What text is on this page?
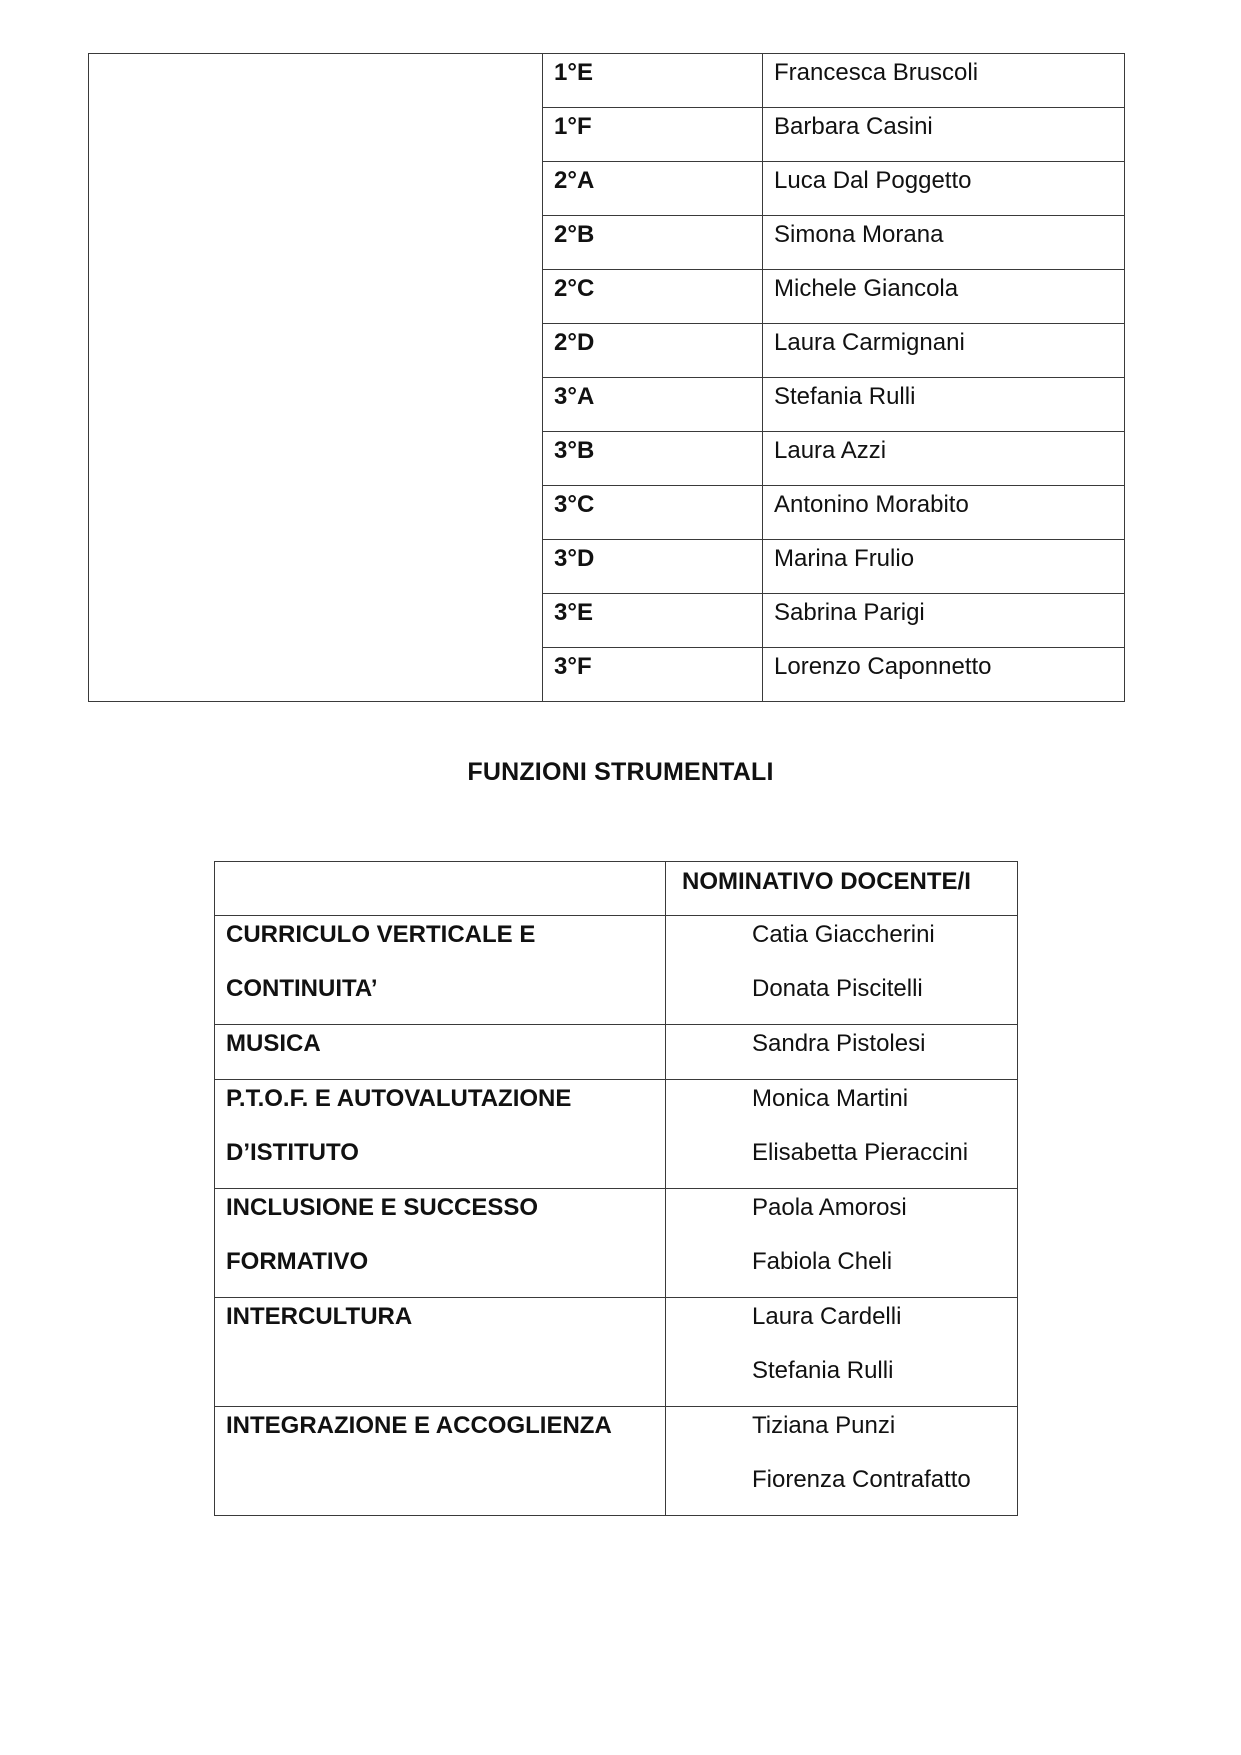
	1°E	Francesca Bruscoli
	1°F	Barbara Casini
	2°A	Luca Dal Poggetto
	2°B	Simona Morana
	2°C	Michele Giancola
	2°D	Laura Carmignani
	3°A	Stefania Rulli
	3°B	Laura Azzi
	3°C	Antonino Morabito
	3°D	Marina Frulio
	3°E	Sabrina Parigi
	3°F	Lorenzo Caponnetto
FUNZIONI STRUMENTALI
	NOMINATIVO DOCENTE/I

CURRICULO VERTICALE E
CONTINUITA’	Catia Giaccherini
Donata Piscitelli

MUSICA	Sandra Pistolesi

P.T.O.F. E AUTOVALUTAZIONE
D’ISTITUTO	Monica Martini
Elisabetta Pieraccini

INCLUSIONE E SUCCESSO
FORMATIVO	Paola Amorosi
Fabiola Cheli

INTERCULTURA	Laura Cardelli
Stefania Rulli

INTEGRAZIONE E ACCOGLIENZA	Tiziana Punzi
Fiorenza Contrafatto
